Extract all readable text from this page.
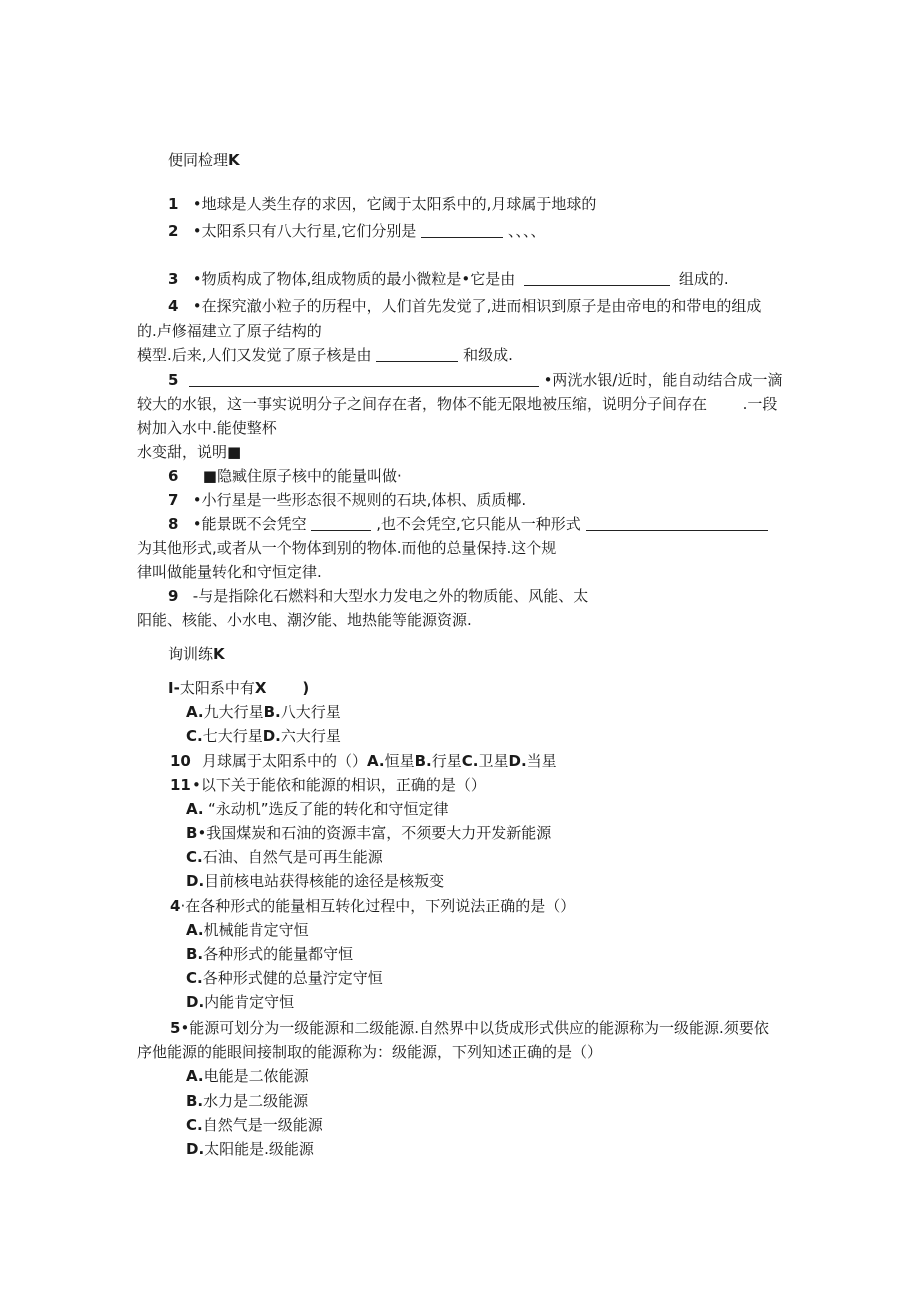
便同检理K
1 •地球是人类生存的求因，它阈于太阳系中的,月球属于地球的
2 •太阳系只有八大行星,它们分别是	、、、、
3 •物质构成了物体,组成物质的最小微粒是•它是由	组成的.
4 •在探究澈小粒子的历程中，人们首先发觉了,进而相识到原子是由帝电的和带电的组成
的.卢修福建立了原子结构的
模型.后来,人们又发觉了原子核是由	和级成.
5	•两洸水银/近时，能自动结合成一滴
较大的水银，这一事实说明分子之间存在者，物体不能无限地被压缩，说明分子间存在 .一段
树加入水中.能使整杯
水变甜，说明■
6 ■隐臧住原子核中的能量叫做·
7 •小行星是一些形态很不规则的石块,体枳、质质椰.
8 •能景既不会凭空	,也不会凭空,它只能从一种形式
为其他形式,或者从一个物体到别的物体.而他的总量保持.这个规
律叫做能量转化和守恒定律.
9 -与是指除化石燃料和大型水力发电之外的物质能、风能、太
阳能、核能、小水电、潮汐能、地热能等能源资源.
询训练K
I-太阳系中有X )
A.九大行星B.八大行星
C.七大行星D.六大行星
10 月球属于太阳系中的（）A.恒星B.行星C.卫星D.当星
11•以下关于能依和能源的相识，正确的是（）
A. “永动机”选反了能的转化和守恒定律
B•我国煤炭和石油的资源丰富，不须要大力开发新能源
C.石油、自然气是可再生能源
D.目前核电站获得核能的途径是核叛变
4·在各种形式的能量相互转化过程中，下列说法正确的是（）
A.机械能肯定守恒
B.各种形式的能量都守恒
C.各种形式健的总量泞定守恒
D.内能肯定守恒
5•能源可划分为一级能源和二级能源.自然界中以货成形式供应的能源称为一级能源.须要依
序他能源的能眼间接制取的能源称为：级能源，下列知述正确的是（）
A.电能是二侬能源
B.水力是二级能源
C.自然气是一级能源
D.太阳能是.级能源
